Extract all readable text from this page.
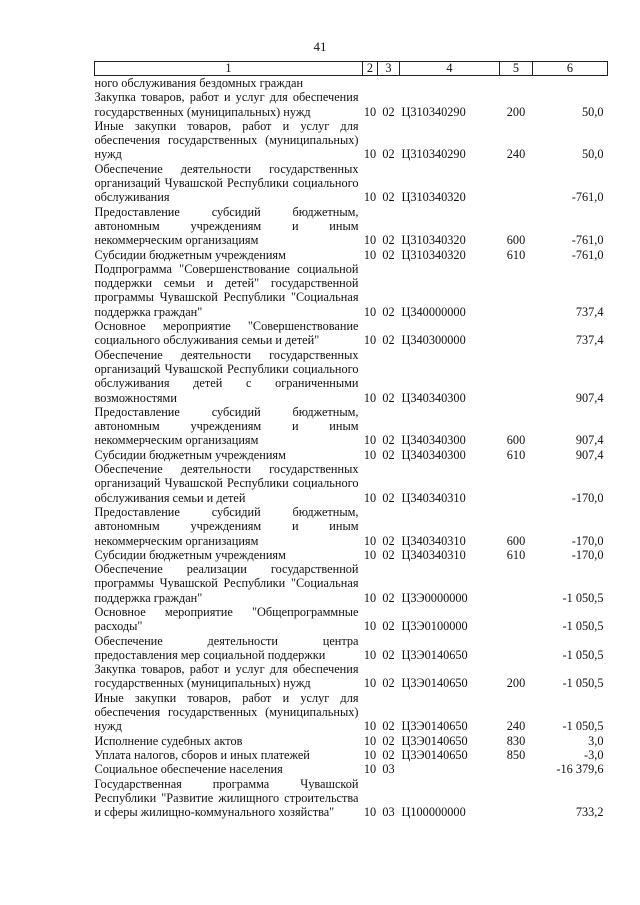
41
1	2	3	4	5	6
ного обслуживания бездомных граждан					
Закупка товаров, работ и услуг для обеспечения государственных (муниципальных) нужд	10	02	Ц310340290	200	50,0
Иные закупки товаров, работ и услуг для обеспечения государственных (муниципальных) нужд	10	02	Ц310340290	240	50,0
Обеспечение деятельности государственных организаций Чувашской Республики социального обслуживания	10	02	Ц310340320		-761,0
Предоставление субсидий бюджетным, автономным учреждениям и иным некоммерческим организациям	10	02	Ц310340320	600	-761,0
Субсидии бюджетным учреждениям	10	02	Ц310340320	610	-761,0
Подпрограмма "Совершенствование социальной поддержки семьи и детей" государственной программы Чувашской Республики "Социальная поддержка граждан"	10	02	Ц340000000		737,4
Основное мероприятие "Совершенствование социального обслуживания семьи и детей"	10	02	Ц340300000		737,4
Обеспечение деятельности государственных организаций Чувашской Республики социального обслуживания детей с ограниченными возможностями	10	02	Ц340340300		907,4
Предоставление субсидий бюджетным, автономным учреждениям и иным некоммерческим организациям	10	02	Ц340340300	600	907,4
Субсидии бюджетным учреждениям	10	02	Ц340340300	610	907,4
Обеспечение деятельности государственных организаций Чувашской Республики социального обслуживания семьи и детей	10	02	Ц340340310		-170,0
Предоставление субсидий бюджетным, автономным учреждениям и иным некоммерческим организациям	10	02	Ц340340310	600	-170,0
Субсидии бюджетным учреждениям	10	02	Ц340340310	610	-170,0
Обеспечение реализации государственной программы Чувашской Республики "Социальная поддержка граждан"	10	02	Ц3Э0000000		-1 050,5
Основное мероприятие "Общепрограммные расходы"	10	02	Ц3Э0100000		-1 050,5
Обеспечение деятельности центра предоставления мер социальной поддержки	10	02	Ц3Э0140650		-1 050,5
Закупка товаров, работ и услуг для обеспечения государственных (муниципальных) нужд	10	02	Ц3Э0140650	200	-1 050,5
Иные закупки товаров, работ и услуг для обеспечения государственных (муниципальных) нужд	10	02	Ц3Э0140650	240	-1 050,5
Исполнение судебных актов	10	02	Ц3Э0140650	830	3,0
Уплата налогов, сборов и иных платежей	10	02	Ц3Э0140650	850	-3,0
Социальное обеспечение населения	10	03			-16 379,6
Государственная программа Чувашской Республики "Развитие жилищного строительства и сферы жилищно-коммунального хозяйства"	10	03	Ц100000000		733,2
